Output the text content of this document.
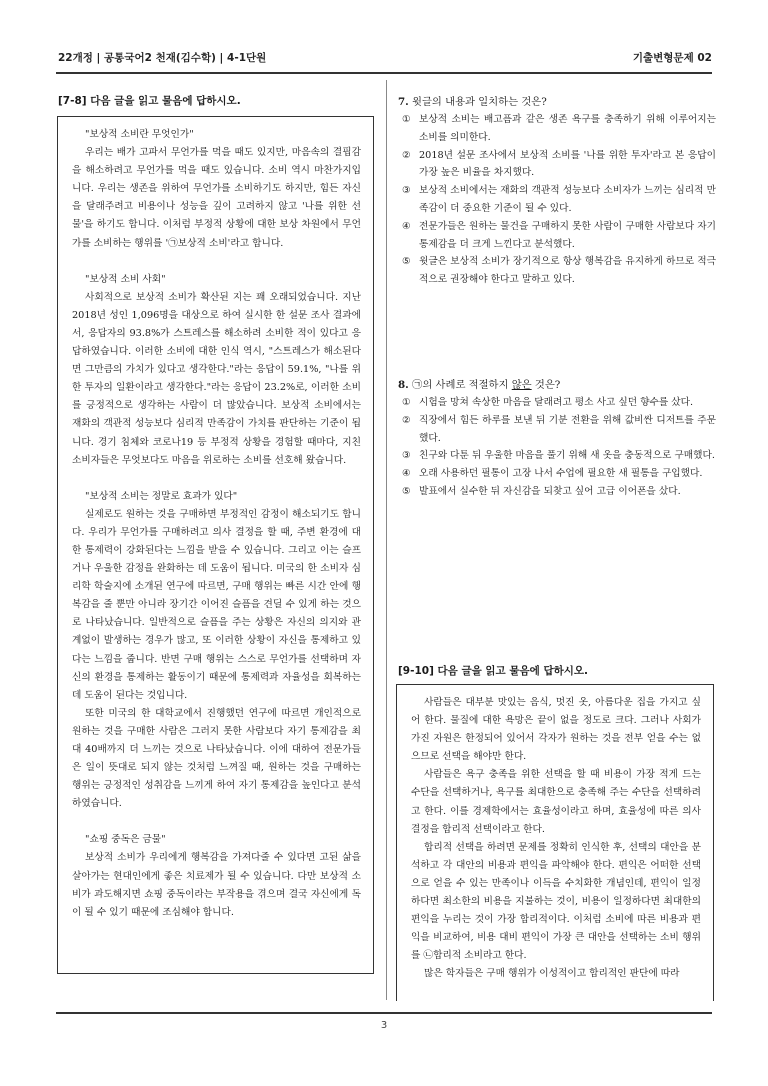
22개정 | 공통국어2 천재(김수학) | 4-1단원	기출변형문제 02
[7-8] 다음 글을 읽고 물음에 답하시오.

"보상적 소비란 무엇인가"

우리는 배가 고파서 무언가를 먹을 때도 있지만, 마음속의 결핍감을 해소하려고 무언가를 먹을 때도 있습니다. 소비 역시 마찬가지입니다. 우리는 생존을 위하여 무언가를 소비하기도 하지만, 힘든 자신을 달래주려고 비용이나 성능을 깊이 고려하지 않고 '나를 위한 선물'을 하기도 합니다. 이처럼 부정적 상황에 대한 보상 차원에서 무언가를 소비하는 행위를 '㉠보상적 소비'라고 합니다.

"보상적 소비 사회"

사회적으로 보상적 소비가 확산된 지는 꽤 오래되었습니다. 지난 2018년 성인 1,096명을 대상으로 하여 실시한 한 설문 조사 결과에서, 응답자의 93.8%가 스트레스를 해소하려 소비한 적이 있다고 응답하였습니다. 이러한 소비에 대한 인식 역시, "스트레스가 해소된다면 그만큼의 가치가 있다고 생각한다."라는 응답이 59.1%, "나를 위한 투자의 일환이라고 생각한다."라는 응답이 23.2%로, 이러한 소비를 긍정적으로 생각하는 사람이 더 많았습니다. 보상적 소비에서는 재화의 객관적 성능보다 심리적 만족감이 가치를 판단하는 기준이 됩니다. 경기 침체와 코로나19 등 부정적 상황을 경험할 때마다, 지친 소비자들은 무엇보다도 마음을 위로하는 소비를 선호해 왔습니다.

"보상적 소비는 정말로 효과가 있다"

실제로도 원하는 것을 구매하면 부정적인 감정이 해소되기도 합니다. 우리가 무언가를 구매하려고 의사 결정을 할 때, 주변 환경에 대한 통제력이 강화된다는 느낌을 받을 수 있습니다. 그리고 이는 슬프거나 우울한 감정을 완화하는 데 도움이 됩니다. 미국의 한 소비자 심리학 학술지에 소개된 연구에 따르면, 구매 행위는 빠른 시간 안에 행복감을 줄 뿐만 아니라 장기간 이어진 슬픔을 견딜 수 있게 하는 것으로 나타났습니다. 일반적으로 슬픔을 주는 상황은 자신의 의지와 관계없이 발생하는 경우가 많고, 또 이러한 상황이 자신을 통제하고 있다는 느낌을 줍니다. 반면 구매 행위는 스스로 무언가를 선택하며 자신의 환경을 통제하는 활동이기 때문에 통제력과 자율성을 회복하는 데 도움이 된다는 것입니다.

또한 미국의 한 대학교에서 진행했던 연구에 따르면 개인적으로 원하는 것을 구매한 사람은 그러지 못한 사람보다 자기 통제감을 최대 40배까지 더 느끼는 것으로 나타났습니다. 이에 대하여 전문가들은 일이 뜻대로 되지 않는 것처럼 느껴질 때, 원하는 것을 구매하는 행위는 긍정적인 성취감을 느끼게 하여 자기 통제감을 높인다고 분석하였습니다.

"쇼핑 중독은 금물"

보상적 소비가 우리에게 행복감을 가져다줄 수 있다면 고된 삶을 살아가는 현대인에게 좋은 치료제가 될 수 있습니다. 다만 보상적 소비가 과도해지면 쇼핑 중독이라는 부작용을 겪으며 결국 자신에게 독이 될 수 있기 때문에 조심해야 합니다.

7. 윗글의 내용과 일치하는 것은?
① 보상적 소비는 배고픔과 같은 생존 욕구를 충족하기 위해 이루어지는 소비를 의미한다.
② 2018년 설문 조사에서 보상적 소비를 '나를 위한 투자'라고 본 응답이 가장 높은 비율을 차지했다.
③ 보상적 소비에서는 재화의 객관적 성능보다 소비자가 느끼는 심리적 만족감이 더 중요한 기준이 될 수 있다.
④ 전문가들은 원하는 물건을 구매하지 못한 사람이 구매한 사람보다 자기 통제감을 더 크게 느낀다고 분석했다.
⑤ 윗글은 보상적 소비가 장기적으로 항상 행복감을 유지하게 하므로 적극적으로 권장해야 한다고 말하고 있다.
8. ㉠의 사례로 적절하지 않은 것은?
① 시험을 망쳐 속상한 마음을 달래려고 평소 사고 싶던 향수를 샀다.
② 직장에서 힘든 하루를 보낸 뒤 기분 전환을 위해 값비싼 디저트를 주문했다.
③ 친구와 다툰 뒤 우울한 마음을 풀기 위해 새 옷을 충동적으로 구매했다.
④ 오래 사용하던 필통이 고장 나서 수업에 필요한 새 필통을 구입했다.
⑤ 발표에서 실수한 뒤 자신감을 되찾고 싶어 고급 이어폰을 샀다.
[9-10] 다음 글을 읽고 물음에 답하시오.

사람들은 대부분 맛있는 음식, 멋진 옷, 아름다운 집을 가지고 싶어 한다. 물질에 대한 욕망은 끝이 없을 정도로 크다. 그러나 사회가 가진 자원은 한정되어 있어서 각자가 원하는 것을 전부 얻을 수는 없으므로 선택을 해야만 한다.

사람들은 욕구 충족을 위한 선택을 할 때 비용이 가장 적게 드는 수단을 선택하거나, 욕구를 최대한으로 충족해 주는 수단을 선택하려고 한다. 이를 경제학에서는 효율성이라고 하며, 효율성에 따른 의사 결정을 합리적 선택이라고 한다.

합리적 선택을 하려면 문제를 정확히 인식한 후, 선택의 대안을 분석하고 각 대안의 비용과 편익을 파악해야 한다. 편익은 어떠한 선택으로 얻을 수 있는 만족이나 이득을 수치화한 개념인데, 편익이 일정하다면 최소한의 비용을 지불하는 것이, 비용이 일정하다면 최대한의 편익을 누리는 것이 가장 합리적이다. 이처럼 소비에 따른 비용과 편익을 비교하여, 비용 대비 편익이 가장 큰 대안을 선택하는 소비 행위를 ㉡합리적 소비라고 한다.

많은 학자들은 구매 행위가 이성적이고 합리적인 판단에 따라

3
